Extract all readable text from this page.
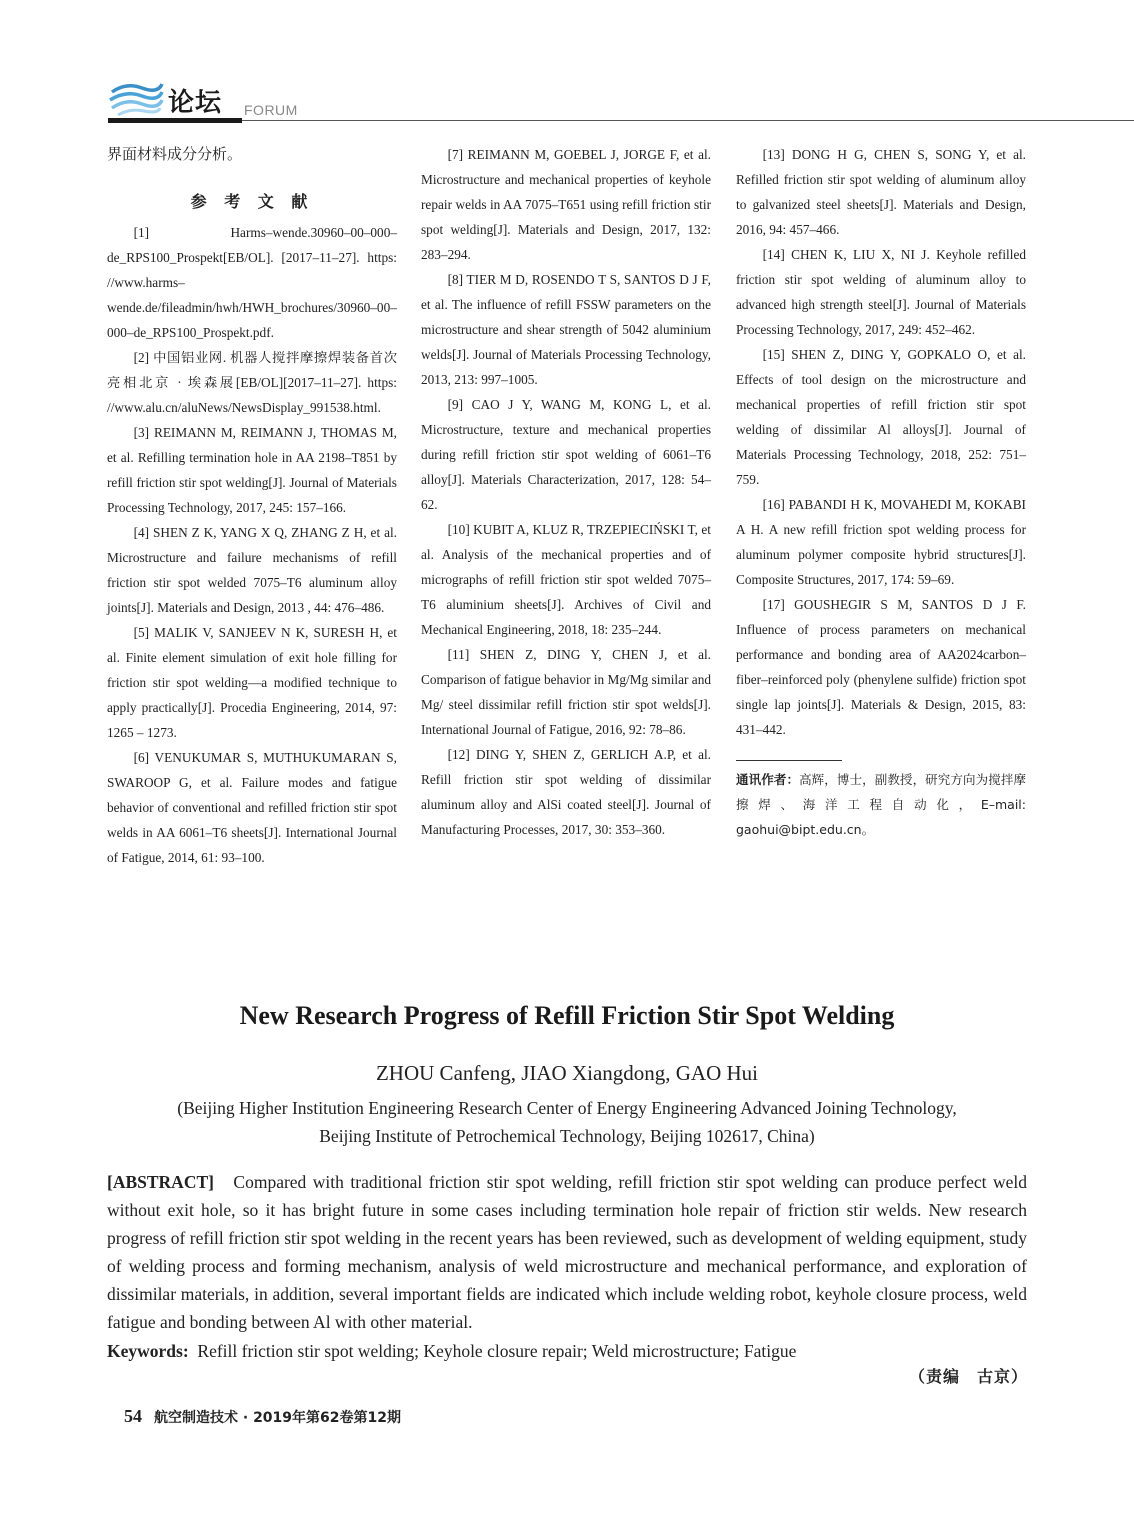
论坛 FORUM

界面材料成分分析。

参 考 文 献

[1] Harms–wende.30960–00–000–de_RPS100_Prospekt[EB/OL]. [2017–11–27]. https: //www.harms–wende.de/fileadmin/hwh/HWH_brochures/30960–00–000–de_RPS100_Prospekt.pdf.

[2] 中国铝业网. 机器人搅拌摩擦焊装备首次亮相北京 · 埃森展[EB/OL][2017–11–27]. https: //www.alu.cn/aluNews/NewsDisplay_991538.html.

[3] REIMANN M, REIMANN J, THOMAS M, et al. Refilling termination hole in AA 2198–T851 by refill friction stir spot welding[J]. Journal of Materials Processing Technology, 2017, 245: 157–166.

[4] SHEN Z K, YANG X Q, ZHANG Z H, et al. Microstructure and failure mechanisms of refill friction stir spot welded 7075–T6 aluminum alloy joints[J]. Materials and Design, 2013 , 44: 476–486.

[5] MALIK V, SANJEEV N K, SURESH H, et al. Finite element simulation of exit hole filling for friction stir spot welding—a modified technique to apply practically[J]. Procedia Engineering, 2014, 97: 1265 – 1273.

[6] VENUKUMAR S, MUTHUKUMARAN S, SWAROOP G, et al. Failure modes and fatigue behavior of conventional and refilled friction stir spot welds in AA 6061–T6 sheets[J]. International Journal of Fatigue, 2014, 61: 93–100.

[7] REIMANN M, GOEBEL J, JORGE F, et al. Microstructure and mechanical properties of keyhole repair welds in AA 7075–T651 using refill friction stir spot welding[J]. Materials and Design, 2017, 132: 283–294.

[8] TIER M D, ROSENDO T S, SANTOS D J F, et al. The influence of refill FSSW parameters on the microstructure and shear strength of 5042 aluminium welds[J]. Journal of Materials Processing Technology, 2013, 213: 997–1005.

[9] CAO J Y, WANG M, KONG L, et al. Microstructure, texture and mechanical properties during refill friction stir spot welding of 6061–T6 alloy[J]. Materials Characterization, 2017, 128: 54–62.

[10] KUBIT A, KLUZ R, TRZEPIECIŃSKI T, et al. Analysis of the mechanical properties and of micrographs of refill friction stir spot welded 7075–T6 aluminium sheets[J]. Archives of Civil and Mechanical Engineering, 2018, 18: 235–244.

[11] SHEN Z, DING Y, CHEN J, et al. Comparison of fatigue behavior in Mg/Mg similar and Mg/ steel dissimilar refill friction stir spot welds[J]. International Journal of Fatigue, 2016, 92: 78–86.

[12] DING Y, SHEN Z, GERLICH A.P, et al. Refill friction stir spot welding of dissimilar aluminum alloy and AlSi coated steel[J]. Journal of Manufacturing Processes, 2017, 30: 353–360.

[13] DONG H G, CHEN S, SONG Y, et al. Refilled friction stir spot welding of aluminum alloy to galvanized steel sheets[J]. Materials and Design, 2016, 94: 457–466.

[14] CHEN K, LIU X, NI J. Keyhole refilled friction stir spot welding of aluminum alloy to advanced high strength steel[J]. Journal of Materials Processing Technology, 2017, 249: 452–462.

[15] SHEN Z, DING Y, GOPKALO O, et al. Effects of tool design on the microstructure and mechanical properties of refill friction stir spot welding of dissimilar Al alloys[J]. Journal of Materials Processing Technology, 2018, 252: 751–759.

[16] PABANDI H K, MOVAHEDI M, KOKABI A H. A new refill friction spot welding process for aluminum polymer composite hybrid structures[J]. Composite Structures, 2017, 174: 59–69.

[17] GOUSHEGIR S M, SANTOS D J F. Influence of process parameters on mechanical performance and bonding area of AA2024carbon–fiber–reinforced poly (phenylene sulfide) friction spot single lap joints[J]. Materials & Design, 2015, 83: 431–442.

通讯作者：高辉，博士，副教授，研究方向为搅拌摩擦焊、海洋工程自动化，E–mail: gaohui@bipt.edu.cn。

New Research Progress of Refill Friction Stir Spot Welding
ZHOU Canfeng, JIAO Xiangdong, GAO Hui
(Beijing Higher Institution Engineering Research Center of Energy Engineering Advanced Joining Technology,
Beijing Institute of Petrochemical Technology, Beijing 102617, China)
[ABSTRACT] Compared with traditional friction stir spot welding, refill friction stir spot welding can produce perfect weld without exit hole, so it has bright future in some cases including termination hole repair of friction stir welds. New research progress of refill friction stir spot welding in the recent years has been reviewed, such as development of welding equipment, study of welding process and forming mechanism, analysis of weld microstructure and mechanical performance, and exploration of dissimilar materials, in addition, several important fields are indicated which include welding robot, keyhole closure process, weld fatigue and bonding between Al with other material.
Keywords: Refill friction stir spot welding; Keyhole closure repair; Weld microstructure; Fatigue
（责编　古京）
54 航空制造技术 · 2019年第62卷第12期
